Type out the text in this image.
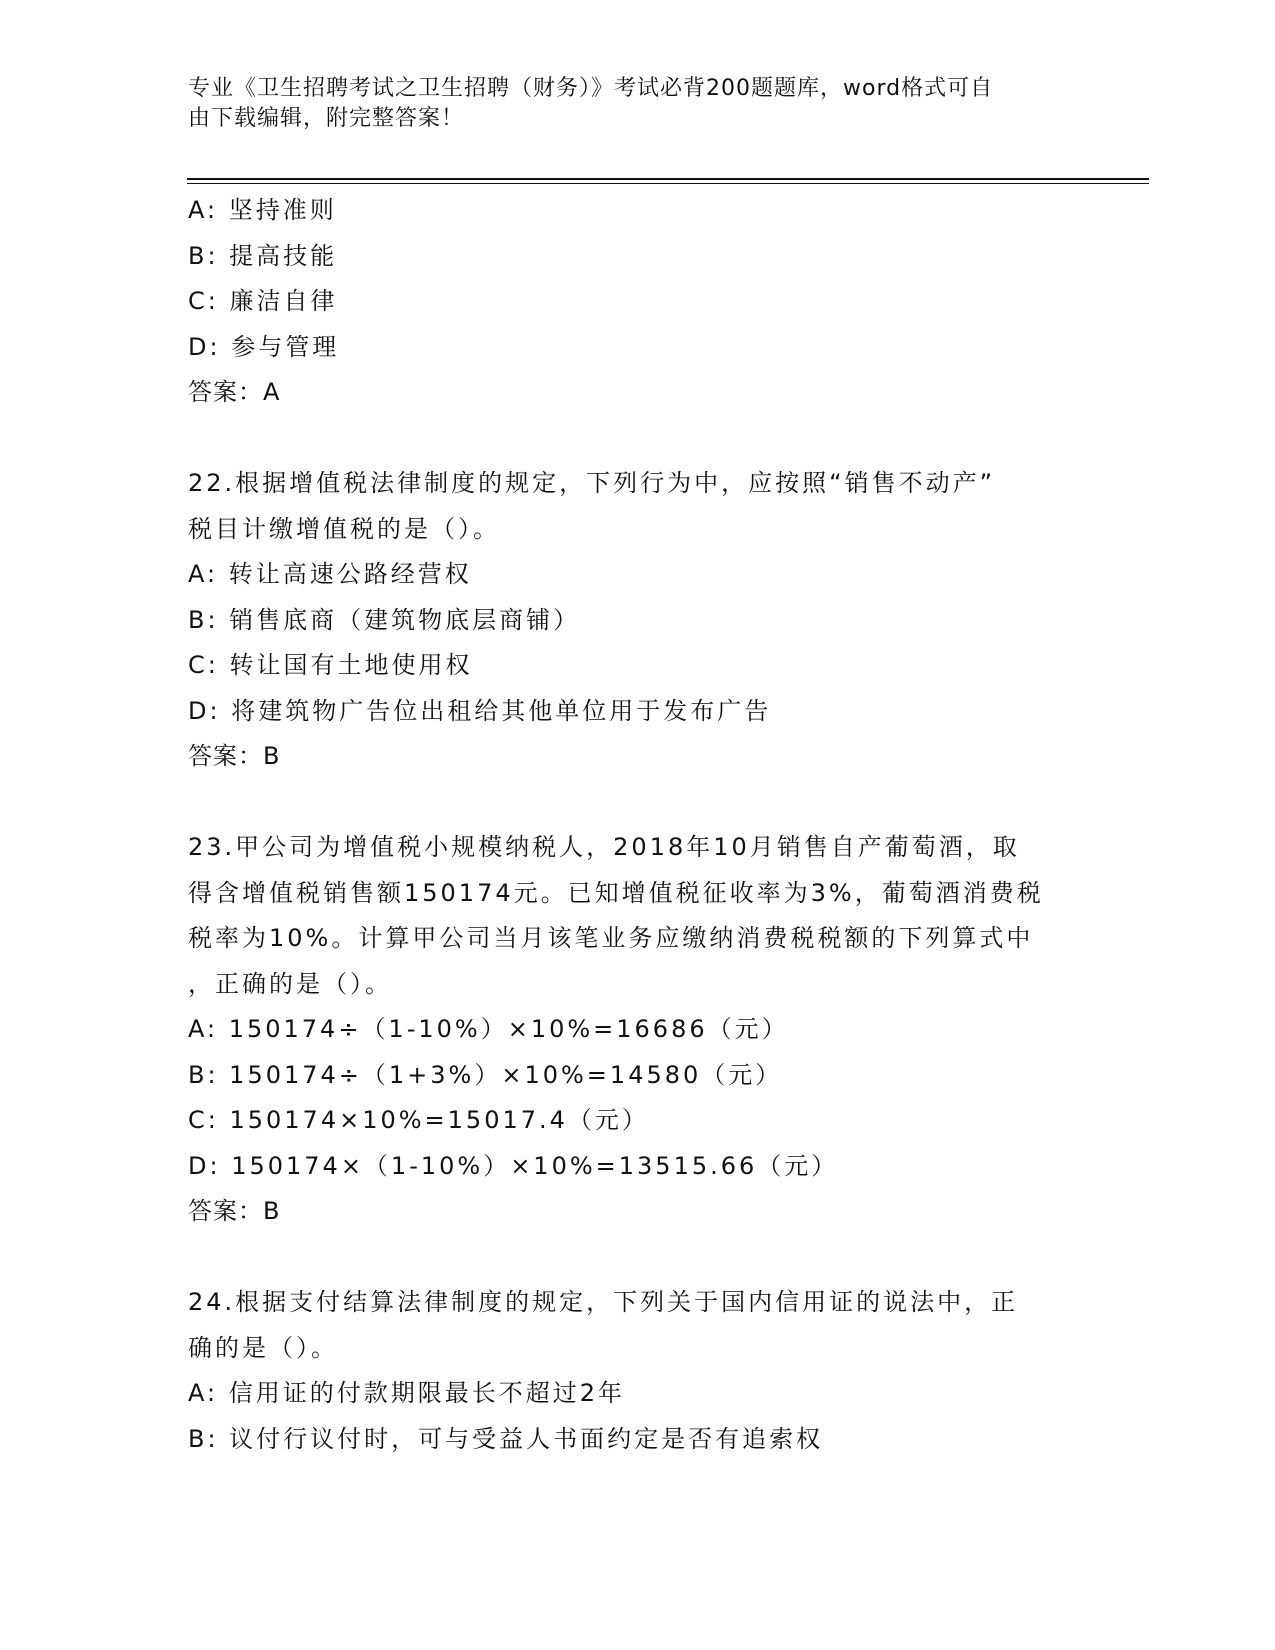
专业《卫生招聘考试之卫生招聘（财务）》考试必背200题题库，word格式可自
由下载编辑，附完整答案！
A: 坚持准则
B: 提高技能
C: 廉洁自律
D: 参与管理
答案：A
22.根据增值税法律制度的规定，下列行为中，应按照“销售不动产”
税目计缴增值税的是（）。
A: 转让高速公路经营权
B: 销售底商（建筑物底层商铺）
C: 转让国有土地使用权
D: 将建筑物广告位出租给其他单位用于发布广告
答案：B
23.甲公司为增值税小规模纳税人，2018年10月销售自产葡萄酒，取
得含增值税销售额150174元。已知增值税征收率为3%，葡萄酒消费税
税率为10%。计算甲公司当月该笔业务应缴纳消费税税额的下列算式中
，正确的是（）。
A: 150174÷（1-10%）×10%=16686（元）
B: 150174÷（1+3%）×10%=14580（元）
C: 150174×10%=15017.4（元）
D: 150174×（1-10%）×10%=13515.66（元）
答案：B
24.根据支付结算法律制度的规定，下列关于国内信用证的说法中，正
确的是（）。
A: 信用证的付款期限最长不超过2年
B: 议付行议付时，可与受益人书面约定是否有追索权
